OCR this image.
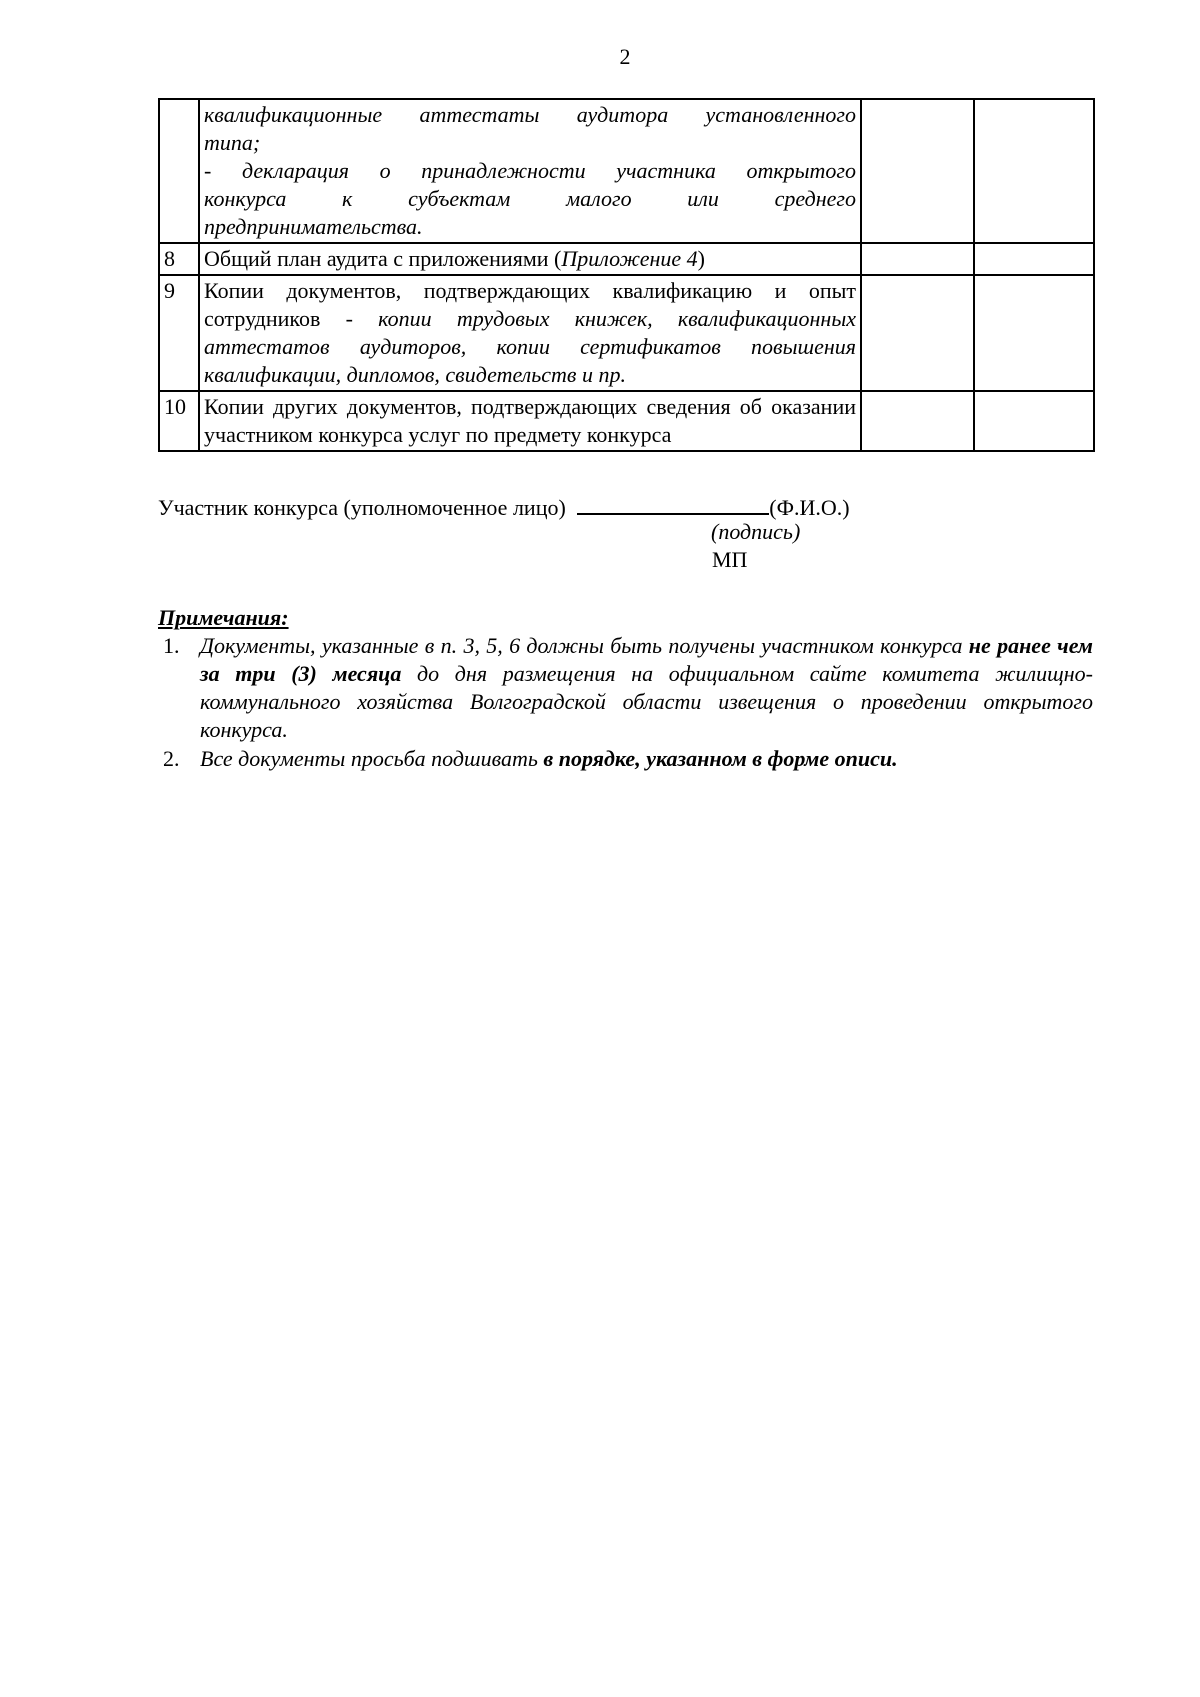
2

	квалификационные аттестаты аудитора установленного
типа;
- декларация о принадлежности участника открытого
конкурса к субъектам малого или среднего
предпринимательства.		

8	Общий план аудита с приложениями (Приложение 4)		
9	Копии документов, подтверждающих квалификацию и опыт сотрудников - копии трудовых книжек, квалификационных аттестатов аудиторов, копии сертификатов повышения квалификации, дипломов, свидетельств и пр.		
10	Копии других документов, подтверждающих сведения об оказании участником конкурса услуг по предмету конкурса		
Участник конкурса (уполномоченное лицо)	(Ф.И.О.)
(подпись)
МП
Примечания:
1. Документы, указанные в п. 3, 5, 6 должны быть получены участником конкурса не ранее чем за три (3) месяца до дня размещения на официальном сайте комитета жилищно-коммунального хозяйства Волгоградской области извещения о проведении открытого конкурса.
2. Все документы просьба подшивать в порядке, указанном в форме описи.
